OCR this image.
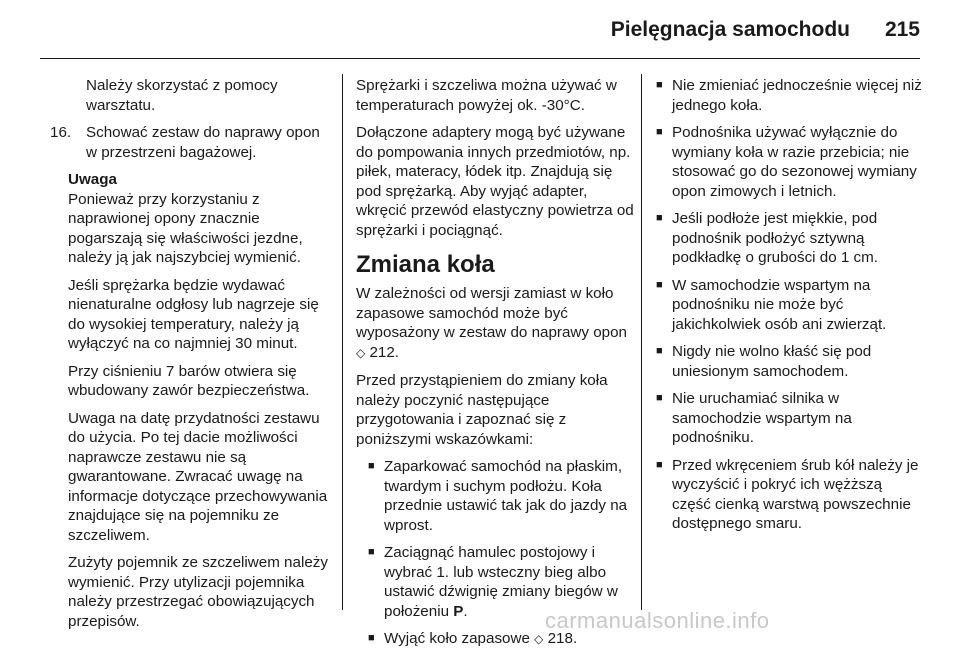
Pielęgnacja samochodu 215

Należy skorzystać z pomocy warsztatu.

16. Schować zestaw do naprawy opon w przestrzeni bagażowej.
Uwaga

Ponieważ przy korzystaniu z naprawionej opony znacznie pogarszają się właściwości jezdne, należy ją jak najszybciej wymienić.

Jeśli sprężarka będzie wydawać nienaturalne odgłosy lub nagrzeje się do wysokiej temperatury, należy ją wyłączyć na co najmniej 30 minut.

Przy ciśnieniu 7 barów otwiera się wbudowany zawór bezpieczeństwa.

Uwaga na datę przydatności zestawu do użycia. Po tej dacie możliwości naprawcze zestawu nie są gwarantowane. Zwracać uwagę na informacje dotyczące przechowywania znajdujące się na pojemniku ze szczeliwem.

Zużyty pojemnik ze szczeliwem należy wymienić. Przy utylizacji pojemnika należy przestrzegać obowiązujących przepisów.

Sprężarki i szczeliwa można używać w temperaturach powyżej ok. -30°C.

Dołączone adaptery mogą być używane do pompowania innych przedmiotów, np. piłek, materacy, łódek itp. Znajdują się pod sprężarką. Aby wyjąć adapter, wkręcić przewód elastyczny powietrza od sprężarki i pociągnąć.

Zmiana koła

W zależności od wersji zamiast w koło zapasowe samochód może być wyposażony w zestaw do naprawy opon ◇ 212.

Przed przystąpieniem do zmiany koła należy poczynić następujące przygotowania i zapoznać się z poniższymi wskazówkami:

■ Zaparkować samochód na płaskim, twardym i suchym podłożu. Koła przednie ustawić tak jak do jazdy na wprost.
■ Zaciągnąć hamulec postojowy i wybrać 1. lub wsteczny bieg albo ustawić dźwignię zmiany biegów w położeniu P.
■ Wyjąć koło zapasowe ◇ 218.
■ Nie zmieniać jednocześnie więcej niż jednego koła.
■ Podnośnika używać wyłącznie do wymiany koła w razie przebicia; nie stosować go do sezonowej wymiany opon zimowych i letnich.
■ Jeśli podłoże jest miękkie, pod podnośnik podłożyć sztywną podkładkę o grubości do 1 cm.
■ W samochodzie wspartym na podnośniku nie może być jakichkolwiek osób ani zwierząt.
■ Nigdy nie wolno kłaść się pod uniesionym samochodem.
■ Nie uruchamiać silnika w samochodzie wspartym na podnośniku.
■ Przed wkręceniem śrub kół należy je wyczyścić i pokryć ich wężższą część cienką warstwą powszechnie dostępnego smaru.
carmanualsonline.info
